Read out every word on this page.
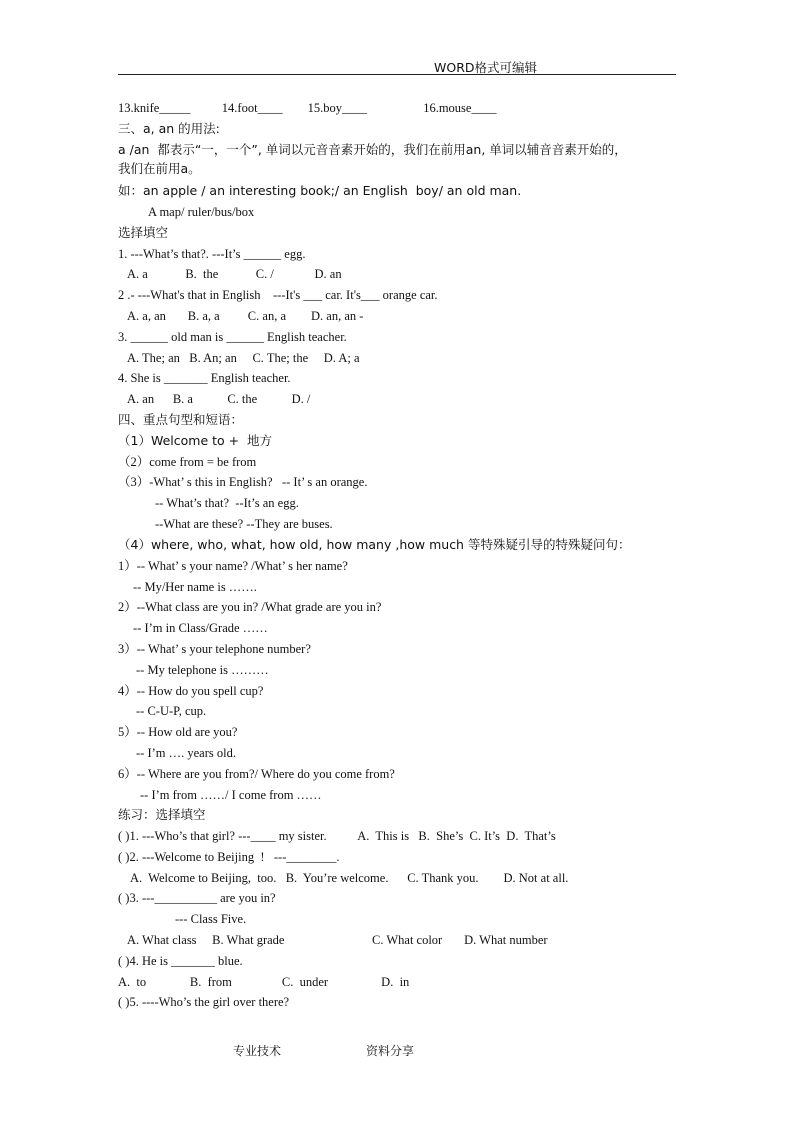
WORD格式可编辑
13.knife_____          14.foot____        15.boy____                  16.mouse____
三、a, an 的用法:
a /an  都表示“一，一个”, 单词以元音音素开始的，我们在前用an, 单词以辅音音素开始的，
我们在前用a。
如：an apple / an interesting book;/ an English  boy/ an old man.
A map/ ruler/bus/box
选择填空
1. ---What’s that?. ---It’s ______ egg.
A. a            B.  the            C. /             D. an
2 .- ---What's that in English    ---It's ___ car. It's___ orange car.
A. a, an       B. a, a         C. an, a        D. an, an -
3. ______ old man is ______ English teacher.
A. The; an   B. An; an     C. The; the     D. A; a
4. She is _______ English teacher.
A. an      B. a           C. the           D. /
四、重点句型和短语：
（1）Welcome to +  地方
（2）come from = be from
（3）-What’ s this in English?   -- It’ s an orange.
-- What’s that?  --It’s an egg.
--What are these? --They are buses.
（4）where, who, what, how old, how many ,how much 等特殊疑引导的特殊疑问句：
1）-- What’ s your name? /What’ s her name?
-- My/Her name is …….
2）--What class are you in? /What grade are you in?
-- I’m in Class/Grade ……
3）-- What’ s your telephone number?
-- My telephone is ………
4）-- How do you spell cup?
-- C-U-P, cup.
5）-- How old are you?
-- I’m …. years old.
6）-- Where are you from?/ Where do you come from?
-- I’m from ……/ I come from ……
练习：选择填空
( )1. ---Who’s that girl? ---____ my sister.          A.  This is   B.  She’s  C. It’s  D.  That’s
( )2. ---Welcome to Beijing  !   ---________.
A.  Welcome to Beijing,  too.   B.  You’re welcome.      C. Thank you.        D. Not at all.
( )3. ---__________ are you in?
--- Class Five.
A. What class     B. What grade                            C. What color       D. What number
( )4. He is _______ blue.
A.  to              B.  from                C.  under                 D.  in
( )5. ----Who’s the girl over there?
专业技术	资料分享
